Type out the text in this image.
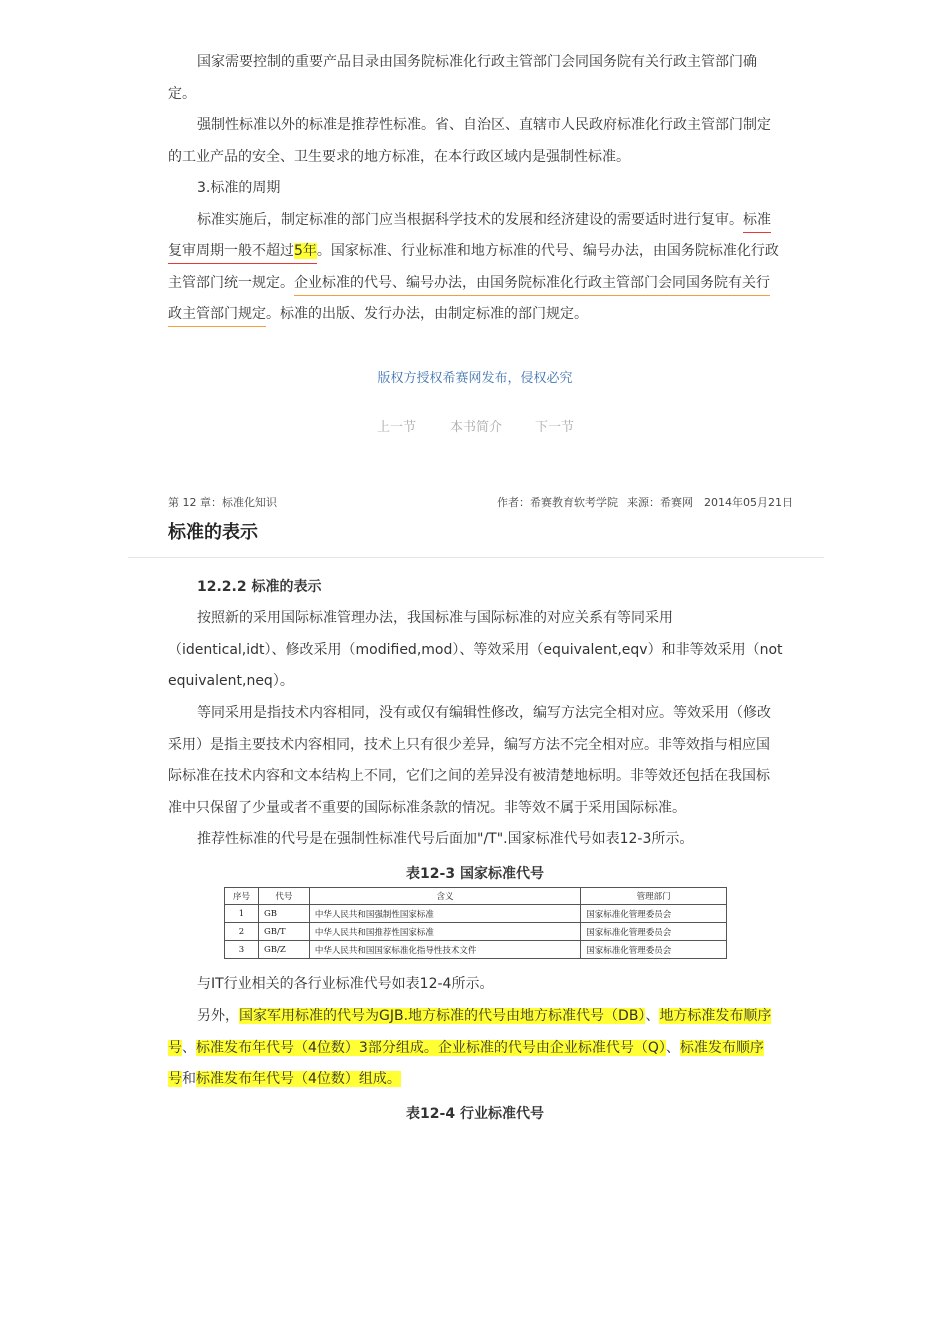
国家需要控制的重要产品目录由国务院标准化行政主管部门会同国务院有关行政主管部门确
定。
强制性标准以外的标准是推荐性标准。省、自治区、直辖市人民政府标准化行政主管部门制定
的工业产品的安全、卫生要求的地方标准，在本行政区域内是强制性标准。
3.标准的周期
标准实施后，制定标准的部门应当根据科学技术的发展和经济建设的需要适时进行复审。标准
复审周期一般不超过5年。国家标准、行业标准和地方标准的代号、编号办法，由国务院标准化行政
主管部门统一规定。企业标准的代号、编号办法，由国务院标准化行政主管部门会同国务院有关行
政主管部门规定。标准的出版、发行办法，由制定标准的部门规定。
版权方授权希赛网发布，侵权必究
上一节	本书简介	下一节
第 12 章：标准化知识	作者：希赛教育软考学院 来源：希赛网 2014年05月21日
标准的表示
12.2.2 标准的表示
按照新的采用国际标准管理办法，我国标准与国际标准的对应关系有等同采用
（identical,idt）、修改采用（modified,mod）、等效采用（equivalent,eqv）和非等效采用（not
equivalent,neq）。
等同采用是指技术内容相同，没有或仅有编辑性修改，编写方法完全相对应。等效采用（修改
采用）是指主要技术内容相同，技术上只有很少差异，编写方法不完全相对应。非等效指与相应国
际标准在技术内容和文本结构上不同，它们之间的差异没有被清楚地标明。非等效还包括在我国标
准中只保留了少量或者不重要的国际标准条款的情况。非等效不属于采用国际标准。
推荐性标准的代号是在强制性标准代号后面加"/T".国家标准代号如表12-3所示。
表12-3 国家标准代号
序号	代号	含义	管理部门
1	GB	中华人民共和国强制性国家标准	国家标准化管理委员会
2	GB/T	中华人民共和国推荐性国家标准	国家标准化管理委员会
3	GB/Z	中华人民共和国国家标准化指导性技术文件	国家标准化管理委员会
与IT行业相关的各行业标准代号如表12-4所示。
另外，国家军用标准的代号为GJB.地方标准的代号由地方标准代号（DB）、地方标准发布顺序
号、标准发布年代号（4位数）3部分组成。企业标准的代号由企业标准代号（Q）、标准发布顺序
号和标准发布年代号（4位数）组成。
表12-4 行业标准代号
